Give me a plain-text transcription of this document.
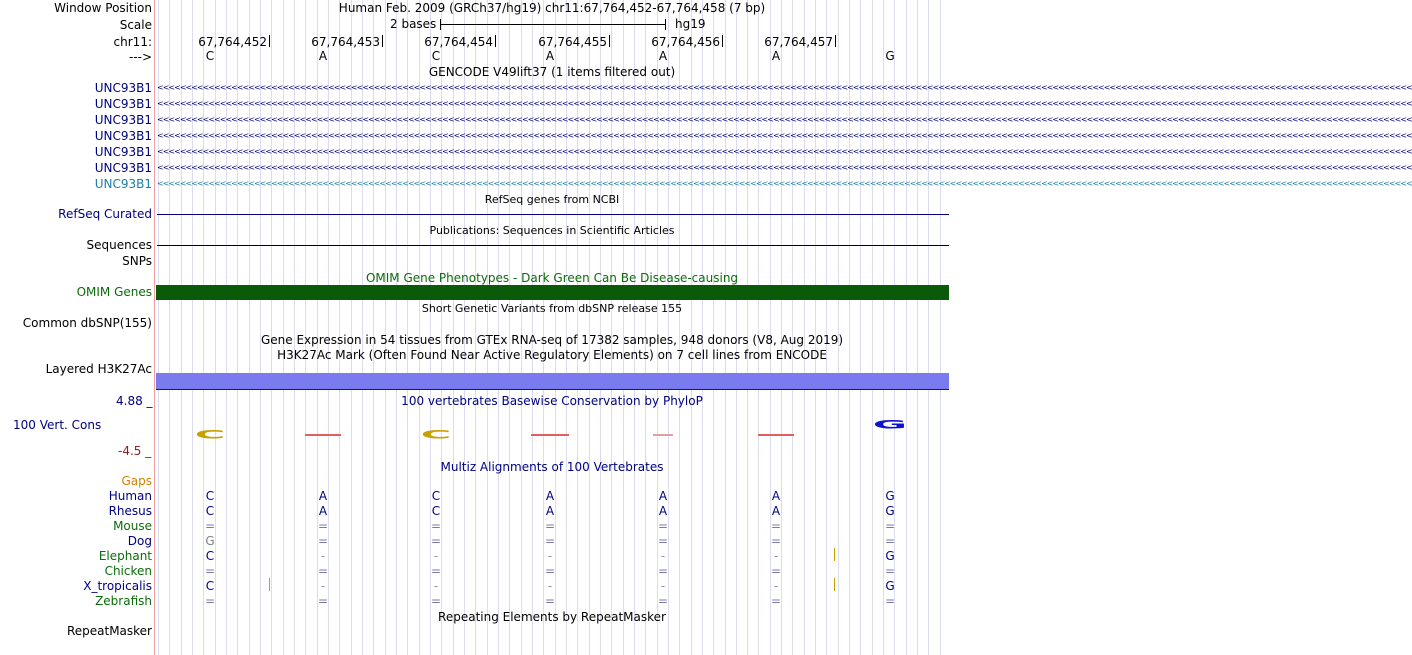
Window Position	Human Feb. 2009 (GRCh37/hg19) chr11:67,764,452-67,764,458 (7 bp)
Scale	2 bases	hg19
chr11:	67,764,452	67,764,453	67,764,454	67,764,455	67,764,456	67,764,457
--->	C	A	C	A	A	A	G
GENCODE V49lift37 (1 items filtered out)
UNC93B1 <<<<<<<<<<<<<<<<<<<<<<<<<<<<<<<<<<<<<<<<<<<<<<<<<<<<<<<<<<<<<<<<<<<<<<<<<<<<<<<<<<<<<<<<<<<<<<<<<<<<<<<<<<<<<<<<<<<<<<<<<<<<<<<<<<<<<<<<<<<<<<<<<<<<<<<<<<<<<<<<<<<<<<<<<<<<<<<<<<<<<<<<<<<<<<<<<<<<<<<<<<<<<<<<<<<<<<<<<<<<
UNC93B1 <<<<<<<<<<<<<<<<<<<<<<<<<<<<<<<<<<<<<<<<<<<<<<<<<<<<<<<<<<<<<<<<<<<<<<<<<<<<<<<<<<<<<<<<<<<<<<<<<<<<<<<<<<<<<<<<<<<<<<<<<<<<<<<<<<<<<<<<<<<<<<<<<<<<<<<<<<<<<<<<<<<<<<<<<<<<<<<<<<<<<<<<<<<<<<<<<<<<<<<<<<<<<<<<<<<<<<<<<<<<
UNC93B1 <<<<<<<<<<<<<<<<<<<<<<<<<<<<<<<<<<<<<<<<<<<<<<<<<<<<<<<<<<<<<<<<<<<<<<<<<<<<<<<<<<<<<<<<<<<<<<<<<<<<<<<<<<<<<<<<<<<<<<<<<<<<<<<<<<<<<<<<<<<<<<<<<<<<<<<<<<<<<<<<<<<<<<<<<<<<<<<<<<<<<<<<<<<<<<<<<<<<<<<<<<<<<<<<<<<<<<<<<<<<
UNC93B1 <<<<<<<<<<<<<<<<<<<<<<<<<<<<<<<<<<<<<<<<<<<<<<<<<<<<<<<<<<<<<<<<<<<<<<<<<<<<<<<<<<<<<<<<<<<<<<<<<<<<<<<<<<<<<<<<<<<<<<<<<<<<<<<<<<<<<<<<<<<<<<<<<<<<<<<<<<<<<<<<<<<<<<<<<<<<<<<<<<<<<<<<<<<<<<<<<<<<<<<<<<<<<<<<<<<<<<<<<<<<
UNC93B1 <<<<<<<<<<<<<<<<<<<<<<<<<<<<<<<<<<<<<<<<<<<<<<<<<<<<<<<<<<<<<<<<<<<<<<<<<<<<<<<<<<<<<<<<<<<<<<<<<<<<<<<<<<<<<<<<<<<<<<<<<<<<<<<<<<<<<<<<<<<<<<<<<<<<<<<<<<<<<<<<<<<<<<<<<<<<<<<<<<<<<<<<<<<<<<<<<<<<<<<<<<<<<<<<<<<<<<<<<<<<
UNC93B1 <<<<<<<<<<<<<<<<<<<<<<<<<<<<<<<<<<<<<<<<<<<<<<<<<<<<<<<<<<<<<<<<<<<<<<<<<<<<<<<<<<<<<<<<<<<<<<<<<<<<<<<<<<<<<<<<<<<<<<<<<<<<<<<<<<<<<<<<<<<<<<<<<<<<<<<<<<<<<<<<<<<<<<<<<<<<<<<<<<<<<<<<<<<<<<<<<<<<<<<<<<<<<<<<<<<<<<<<<<<<
UNC93B1 <<<<<<<<<<<<<<<<<<<<<<<<<<<<<<<<<<<<<<<<<<<<<<<<<<<<<<<<<<<<<<<<<<<<<<<<<<<<<<<<<<<<<<<<<<<<<<<<<<<<<<<<<<<<<<<<<<<<<<<<<<<<<<<<<<<<<<<<<<<<<<<<<<<<<<<<<<<<<<<<<<<<<<<<<<<<<<<<<<<<<<<<<<<<<<<<<<<<<<<<<<<<<<<<<<<<<<<<<<<<
RefSeq genes from NCBI
RefSeq Curated
Publications: Sequences in Scientific Articles
Sequences
SNPs
OMIM Gene Phenotypes - Dark Green Can Be Disease-causing
OMIM Genes
Short Genetic Variants from dbSNP release 155
Common dbSNP(155)
Gene Expression in 54 tissues from GTEx RNA-seq of 17382 samples, 948 donors (V8, Aug 2019)
H3K27Ac Mark (Often Found Near Active Regulatory Elements) on 7 cell lines from ENCODE
Layered H3K27Ac
4.88 _	100 vertebrates Basewise Conservation by PhyloP
100 Vert. Cons
-4.5 _
C	C
G
Multiz Alignments of 100 Vertebrates
Gaps
Human	C	A	C	A	A	A	G
Rhesus	C	A	C	A	A	A	G
Mouse	=	=	=	=	=	=	=
Dog	G	=	=	=	=	=	=
Elephant	C	-	-	-	-	-	G
Chicken	=	=	=	=	=	=	=
X_tropicalis	C	-	-	-	-	-	G
Zebrafish	=	=	=	=	=	=	=
Repeating Elements by RepeatMasker
RepeatMasker
